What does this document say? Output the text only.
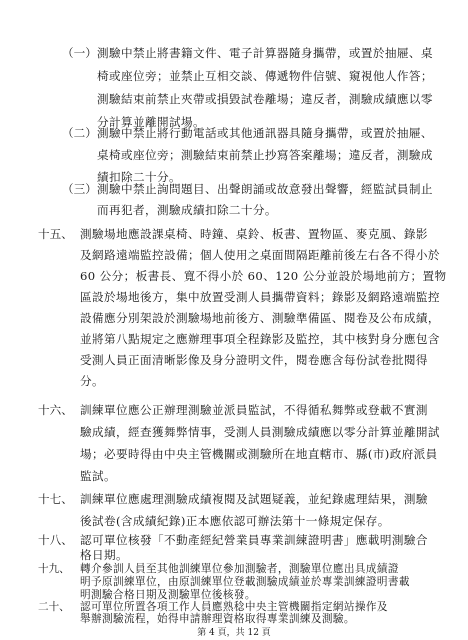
（一） 測驗中禁止將書籍文件、電子計算器隨身攜帶，或置於抽屜、桌
椅或座位旁；並禁止互相交談、傳遞物件信號、窺視他人作答；
測驗結束前禁止夾帶或損毀試卷離場；違反者，測驗成績應以零
分計算並離開試場。
（二） 測驗中禁止將行動電話或其他通訊器具隨身攜帶，或置於抽屜、
桌椅或座位旁；測驗結束前禁止抄寫答案離場；違反者，測驗成
績扣除二十分。
（三） 測驗中禁止詢問題目、出聲朗誦或故意發出聲響，經監試員制止
而再犯者，測驗成績扣除二十分。
十五、 測驗場地應設課桌椅、時鐘、桌鈴、板書、置物區、麥克風、錄影
及網路遠端監控設備；個人使用之桌面間隔距離前後左右各不得小於
60 公分；板書長、寬不得小於 60、120 公分並設於場地前方；置物
區設於場地後方，集中放置受測人員攜帶資料；錄影及網路遠端監控
設備應分別架設於測驗場地前後方、測驗準備區、閱卷及公布成績，
並將第八點規定之應辦理事項全程錄影及監控，其中核對身分應包含
受測人員正面清晰影像及身分證明文件，閱卷應含每份試卷批閱得
分。
十六、 訓練單位應公正辦理測驗並派員監試，不得循私舞弊或登載不實測
驗成績，經查獲舞弊情事，受測人員測驗成績應以零分計算並離開試
場；必要時得由中央主管機關或測驗所在地直轄市、縣(市)政府派員
監試。
十七、 訓練單位應處理測驗成績複閱及試題疑義，並紀錄處理結果，測驗
後試卷(含成績紀錄)正本應依認可辦法第十一條規定保存。
十八、 認可單位核發「不動產經紀營業員專業訓練證明書」應載明測驗合
格日期。
十九、 轉介參訓人員至其他訓練單位參加測驗者，測驗單位應出具成績證
明予原訓練單位，由原訓練單位登載測驗成績並於專業訓練證明書載
明測驗合格日期及測驗單位後核發。
二十、 認可單位所置各項工作人員應熟稔中央主管機關指定網站操作及
舉辦測驗流程，始得申請辦理資格取得專業訓練及測驗。
第 4 頁，共 12 頁
